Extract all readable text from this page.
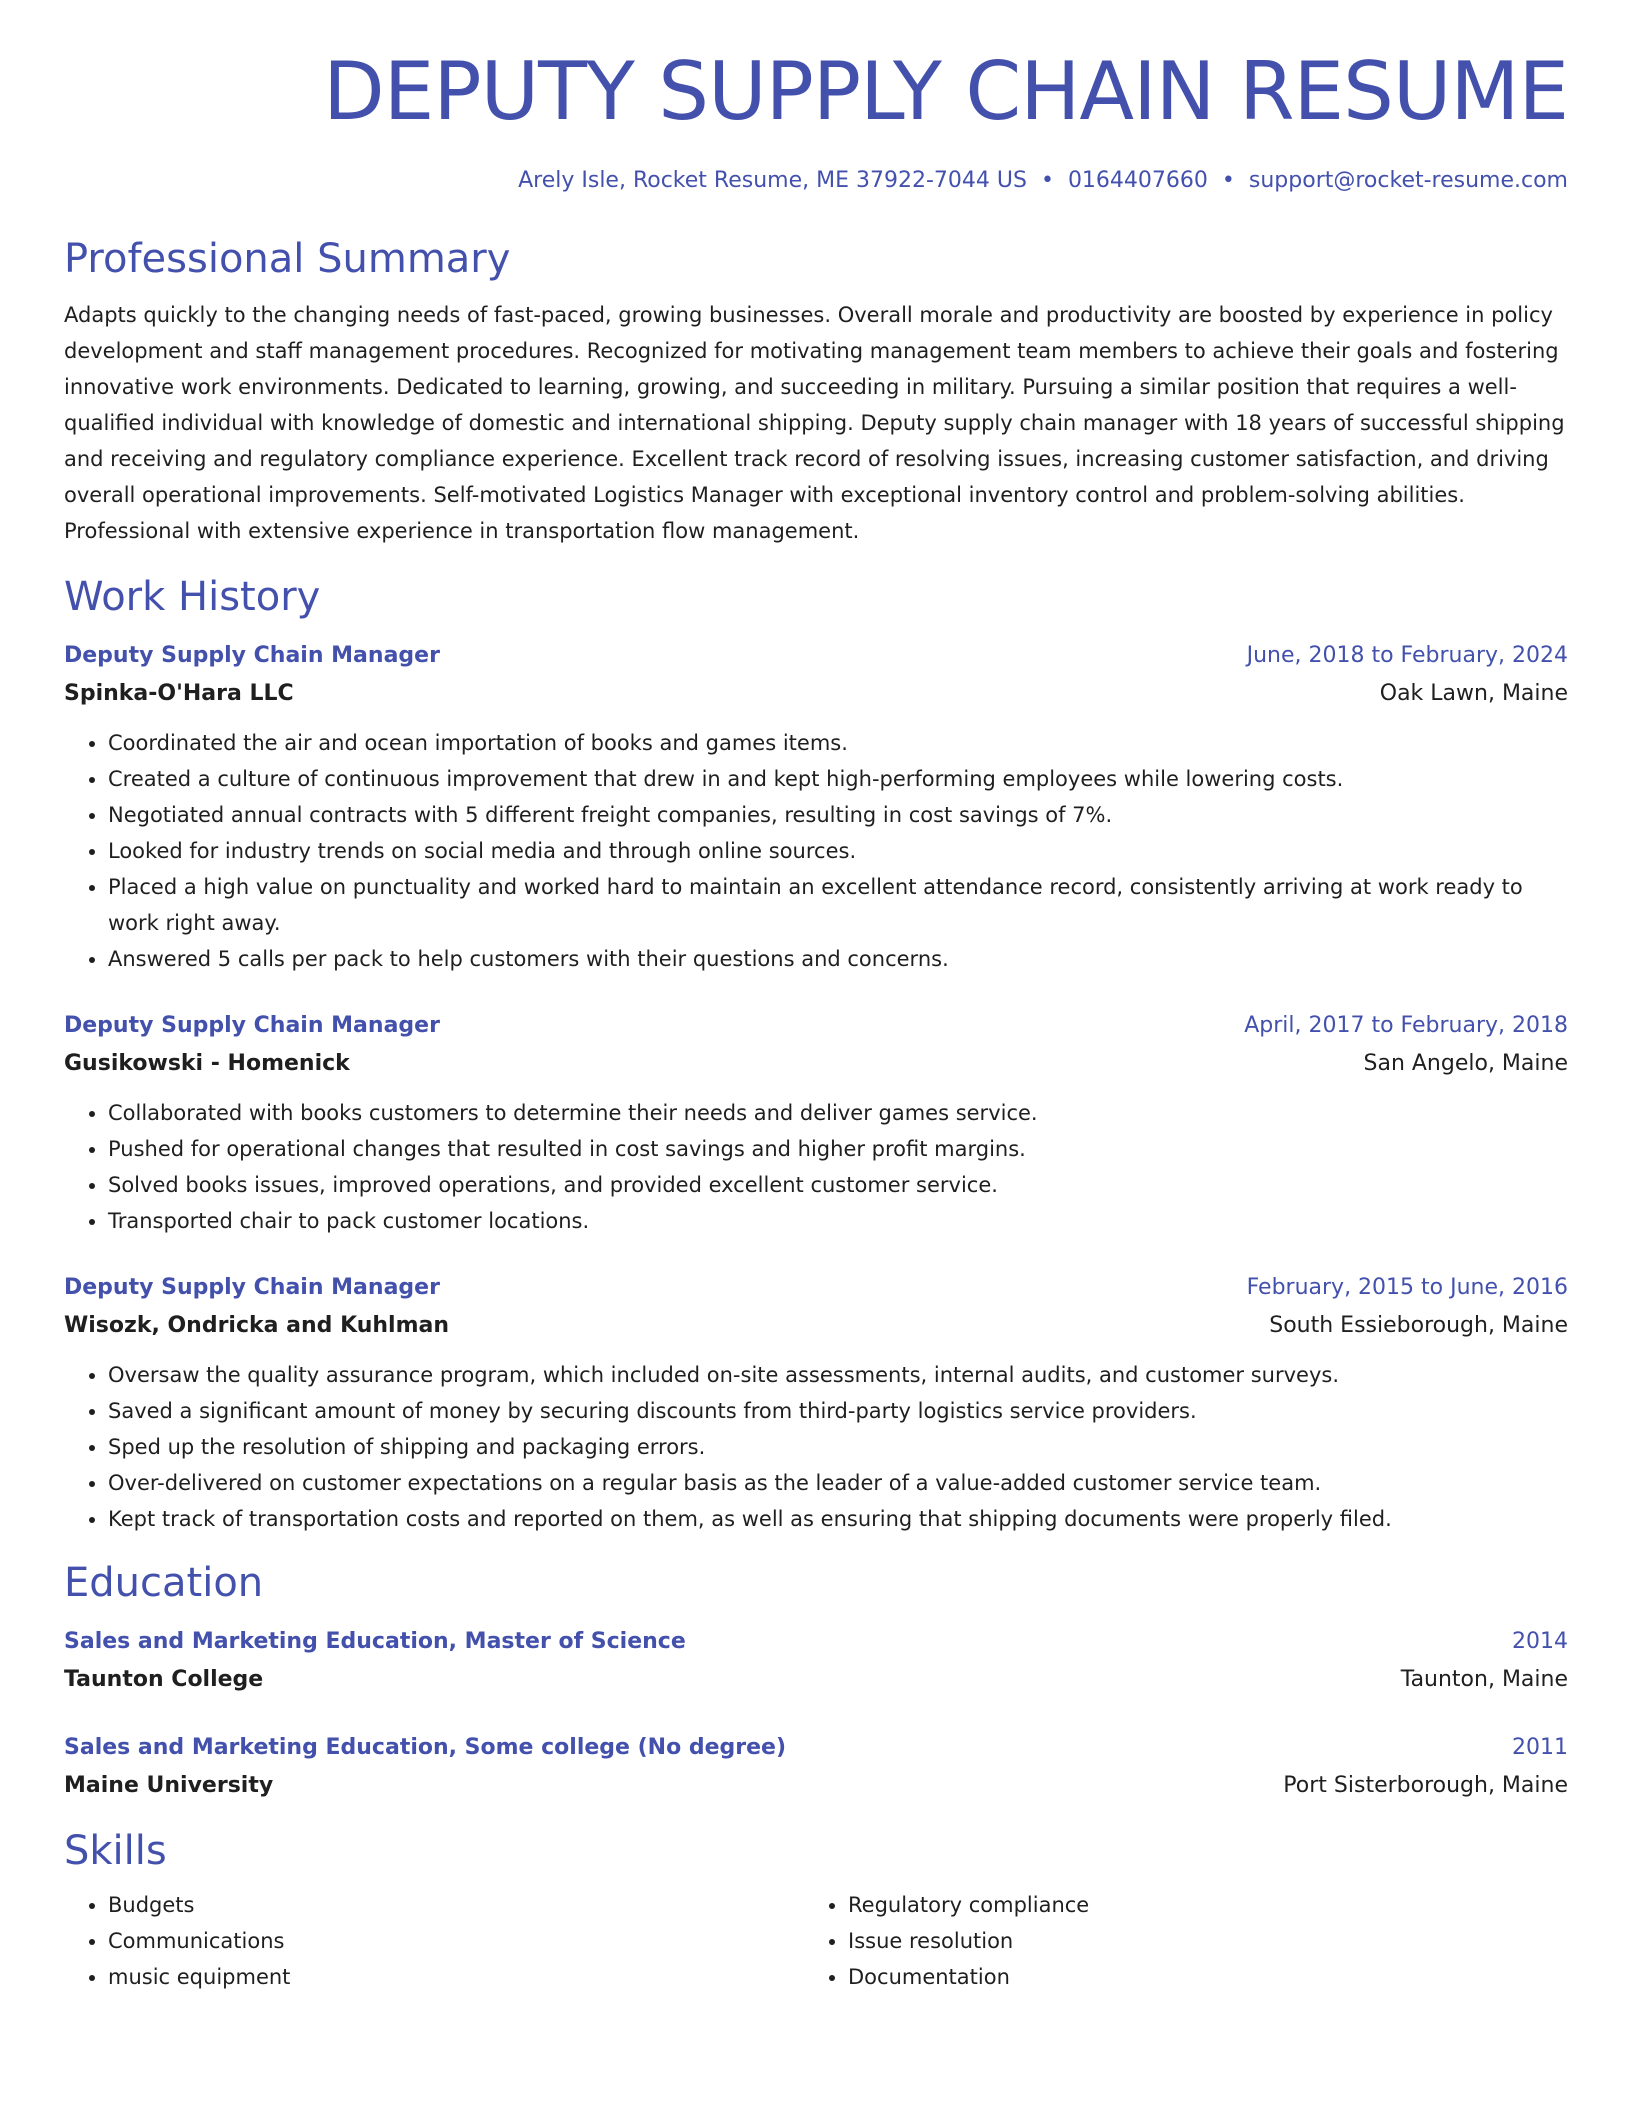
DEPUTY SUPPLY CHAIN RESUME
Arely Isle, Rocket Resume, ME 37922-7044 US • 0164407660 • support@rocket-resume.com
Professional Summary

Adapts quickly to the changing needs of fast-paced, growing businesses. Overall morale and productivity are boosted by experience in policy development and staff management procedures. Recognized for motivating management team members to achieve their goals and fostering innovative work environments. Dedicated to learning, growing, and succeeding in military. Pursuing a similar position that requires a well-qualified individual with knowledge of domestic and international shipping. Deputy supply chain manager with 18 years of successful shipping and receiving and regulatory compliance experience. Excellent track record of resolving issues, increasing customer satisfaction, and driving overall operational improvements. Self-motivated Logistics Manager with exceptional inventory control and problem-solving abilities. Professional with extensive experience in transportation flow management.

Work History
Deputy Supply Chain Manager	June, 2018 to February, 2024
Spinka-O'Hara LLC	Oak Lawn, Maine
• Coordinated the air and ocean importation of books and games items.
• Created a culture of continuous improvement that drew in and kept high-performing employees while lowering costs.
• Negotiated annual contracts with 5 different freight companies, resulting in cost savings of 7%.
• Looked for industry trends on social media and through online sources.
• Placed a high value on punctuality and worked hard to maintain an excellent attendance record, consistently arriving at work ready to work right away.
• Answered 5 calls per pack to help customers with their questions and concerns.
Deputy Supply Chain Manager	April, 2017 to February, 2018
Gusikowski - Homenick	San Angelo, Maine
• Collaborated with books customers to determine their needs and deliver games service.
• Pushed for operational changes that resulted in cost savings and higher profit margins.
• Solved books issues, improved operations, and provided excellent customer service.
• Transported chair to pack customer locations.
Deputy Supply Chain Manager	February, 2015 to June, 2016
Wisozk, Ondricka and Kuhlman	South Essieborough, Maine
• Oversaw the quality assurance program, which included on-site assessments, internal audits, and customer surveys.
• Saved a significant amount of money by securing discounts from third-party logistics service providers.
• Sped up the resolution of shipping and packaging errors.
• Over-delivered on customer expectations on a regular basis as the leader of a value-added customer service team.
• Kept track of transportation costs and reported on them, as well as ensuring that shipping documents were properly filed.
Education
Sales and Marketing Education, Master of Science	2014
Taunton College	Taunton, Maine
Sales and Marketing Education, Some college (No degree)	2011
Maine University	Port Sisterborough, Maine
Skills
• Budgets
• Communications
• music equipment
• Regulatory compliance
• Issue resolution
• Documentation
